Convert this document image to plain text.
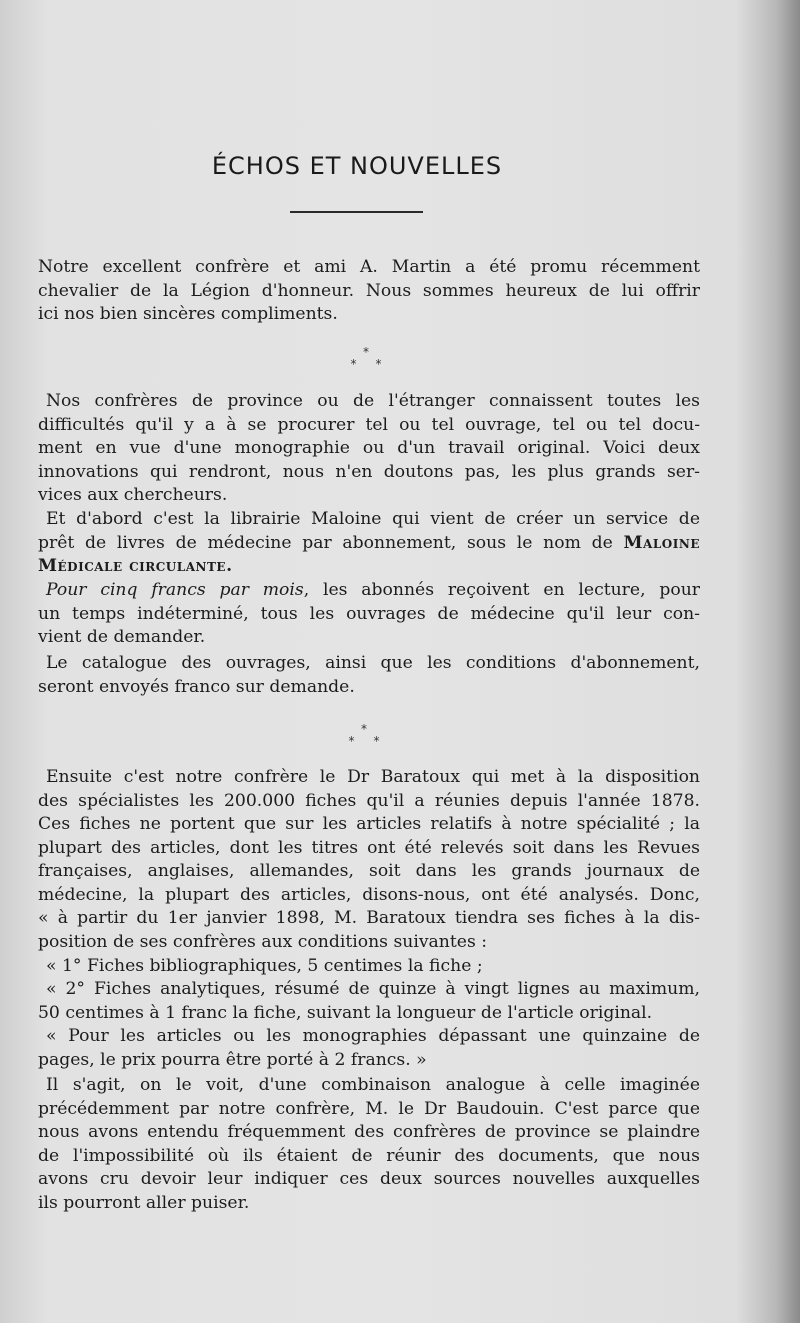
ÉCHOS ET NOUVELLES
Notre excellent confrère et ami A. Martin a été promu récemment
chevalier de la Légion d'honneur. Nous sommes heureux de lui offrir
ici nos bien sincères compliments.
*
* *
Nos confrères de province ou de l'étranger connaissent toutes les
difficultés qu'il y a à se procurer tel ou tel ouvrage, tel ou tel docu-
ment en vue d'une monographie ou d'un travail original. Voici deux
innovations qui rendront, nous n'en doutons pas, les plus grands ser-
vices aux chercheurs.
Et d'abord c'est la librairie Maloine qui vient de créer un service de
prêt de livres de médecine par abonnement, sous le nom de Maloine
Médicale circulante.
Pour cinq francs par mois, les abonnés reçoivent en lecture, pour
un temps indéterminé, tous les ouvrages de médecine qu'il leur con-
vient de demander.
Le catalogue des ouvrages, ainsi que les conditions d'abonnement,
seront envoyés franco sur demande.
*
* *
Ensuite c'est notre confrère le Dr Baratoux qui met à la disposition
des spécialistes les 200.000 fiches qu'il a réunies depuis l'année 1878.
Ces fiches ne portent que sur les articles relatifs à notre spécialité ; la
plupart des articles, dont les titres ont été relevés soit dans les Revues
françaises, anglaises, allemandes, soit dans les grands journaux de
médecine, la plupart des articles, disons-nous, ont été analysés. Donc,
« à partir du 1er janvier 1898, M. Baratoux tiendra ses fiches à la dis-
position de ses confrères aux conditions suivantes :
« 1° Fiches bibliographiques, 5 centimes la fiche ;
« 2° Fiches analytiques, résumé de quinze à vingt lignes au maximum,
50 centimes à 1 franc la fiche, suivant la longueur de l'article original.
« Pour les articles ou les monographies dépassant une quinzaine de
pages, le prix pourra être porté à 2 francs. »
Il s'agit, on le voit, d'une combinaison analogue à celle imaginée
précédemment par notre confrère, M. le Dr Baudouin. C'est parce que
nous avons entendu fréquemment des confrères de province se plaindre
de l'impossibilité où ils étaient de réunir des documents, que nous
avons cru devoir leur indiquer ces deux sources nouvelles auxquelles
ils pourront aller puiser.
